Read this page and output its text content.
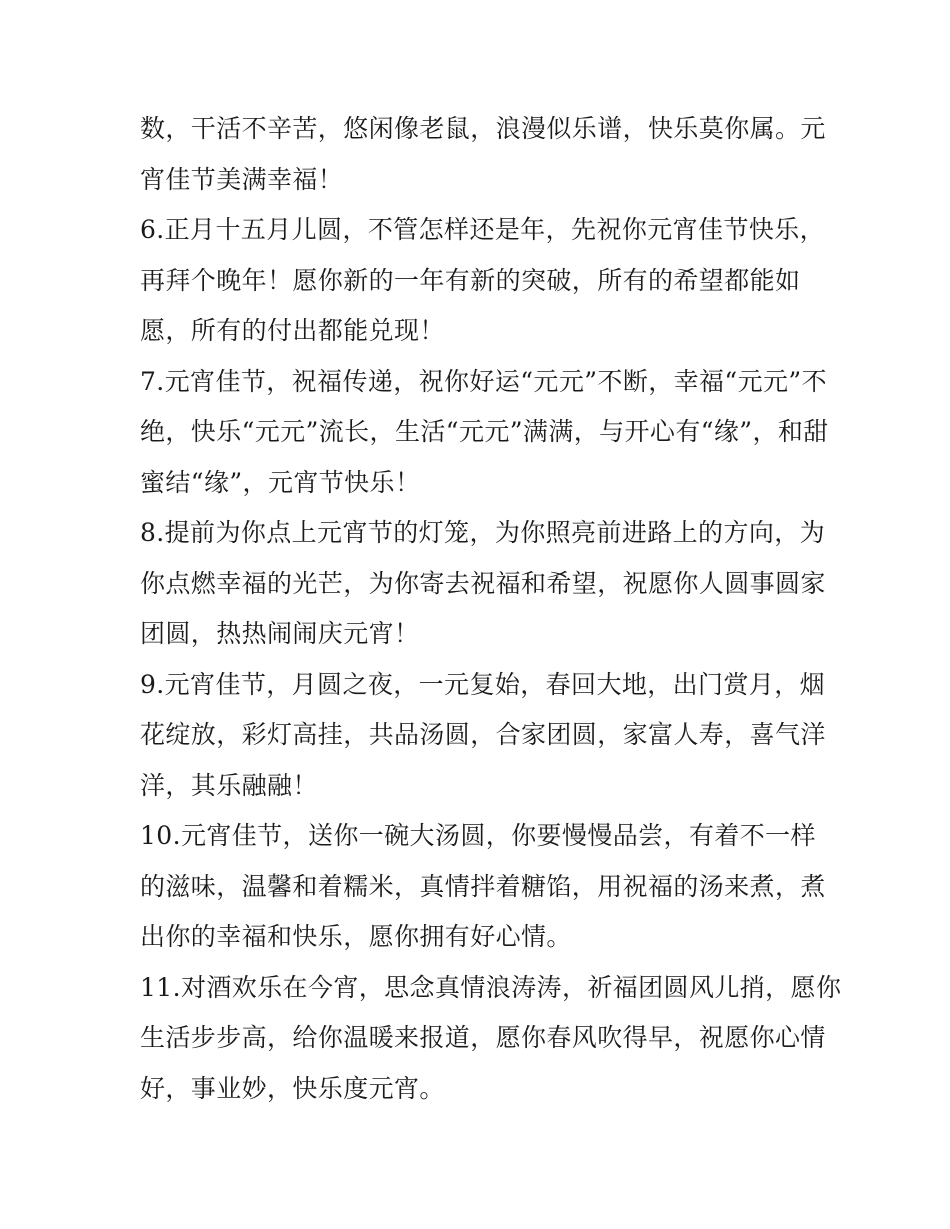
数，干活不辛苦，悠闲像老鼠，浪漫似乐谱，快乐莫你属。元
宵佳节美满幸福！
6.正月十五月儿圆，不管怎样还是年，先祝你元宵佳节快乐，
再拜个晚年！愿你新的一年有新的突破，所有的希望都能如
愿，所有的付出都能兑现！
7.元宵佳节，祝福传递，祝你好运“元元”不断，幸福“元元”不
绝，快乐“元元”流长，生活“元元”满满，与开心有“缘”，和甜
蜜结“缘”，元宵节快乐！
8.提前为你点上元宵节的灯笼，为你照亮前进路上的方向，为
你点燃幸福的光芒，为你寄去祝福和希望，祝愿你人圆事圆家
团圆，热热闹闹庆元宵！
9.元宵佳节，月圆之夜，一元复始，春回大地，出门赏月，烟
花绽放，彩灯高挂，共品汤圆，合家团圆，家富人寿，喜气洋
洋，其乐融融！
10.元宵佳节，送你一碗大汤圆，你要慢慢品尝，有着不一样
的滋味，温馨和着糯米，真情拌着糖馅，用祝福的汤来煮，煮
出你的幸福和快乐，愿你拥有好心情。
11.对酒欢乐在今宵，思念真情浪涛涛，祈福团圆风儿捎，愿你
生活步步高，给你温暖来报道，愿你春风吹得早，祝愿你心情
好，事业妙，快乐度元宵。
